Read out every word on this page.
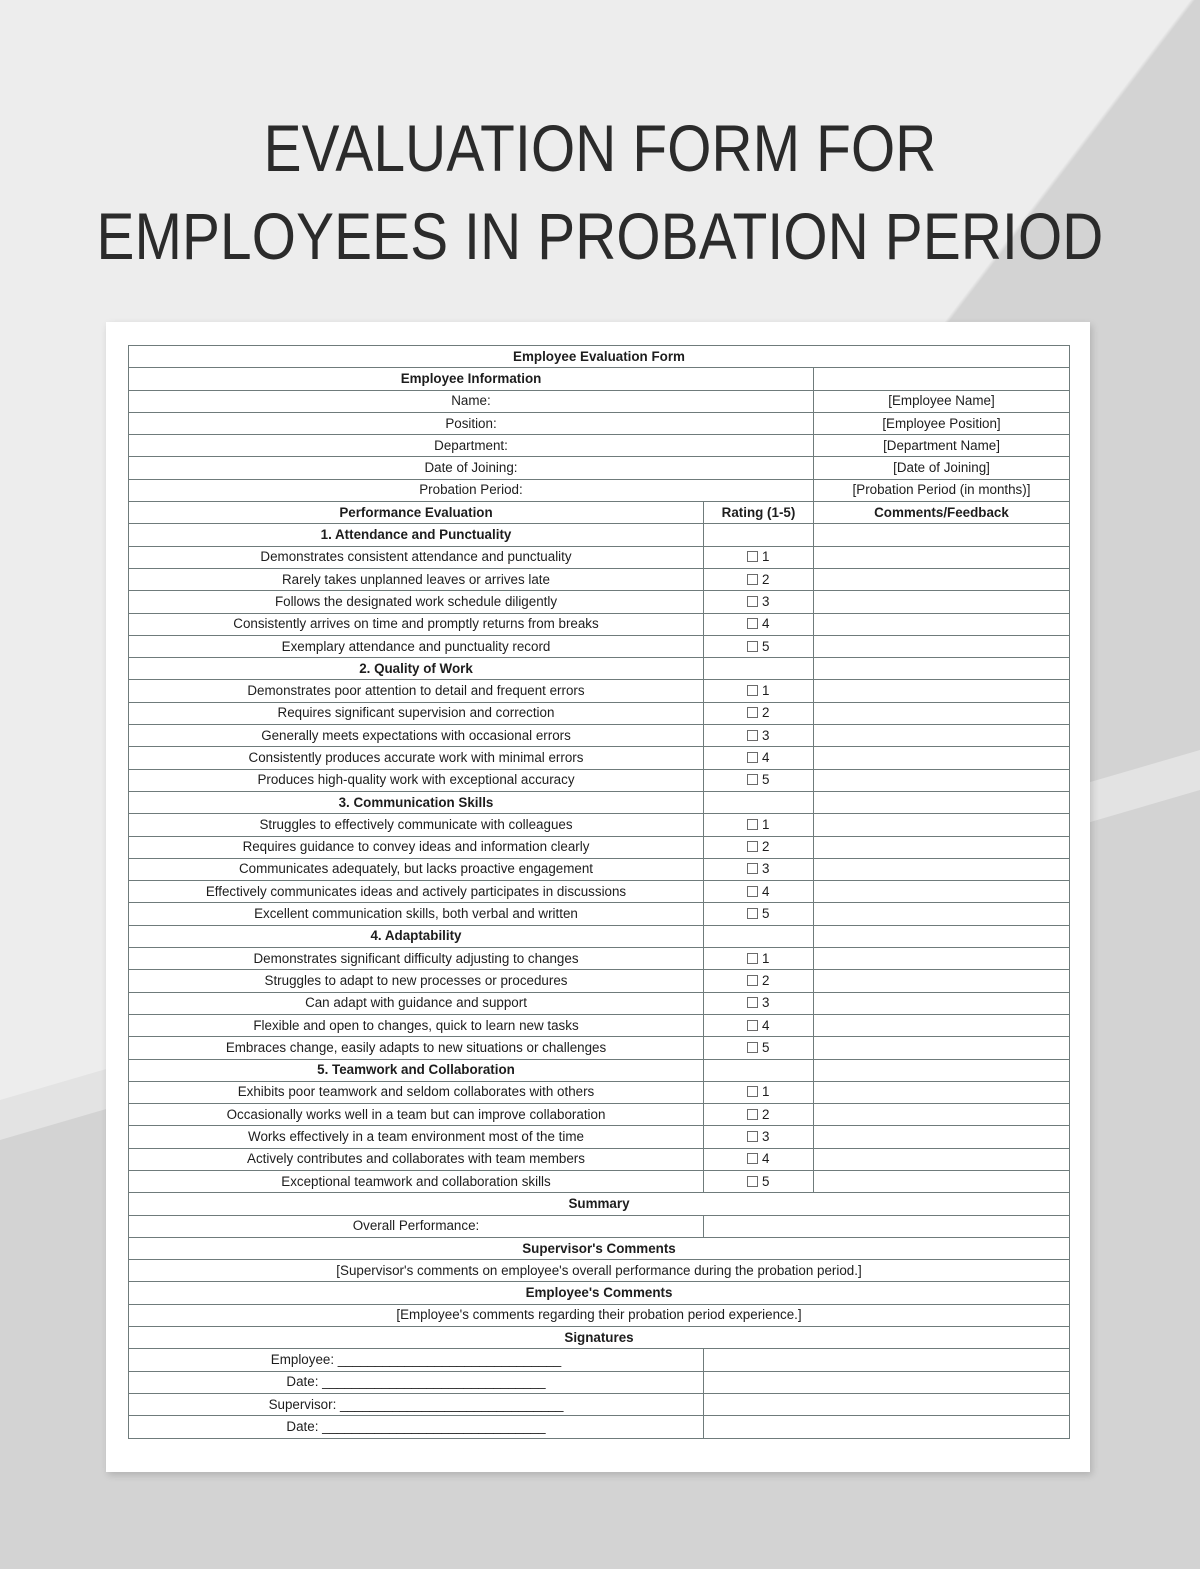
EVALUATION FORM FOR
EMPLOYEES IN PROBATION PERIOD
Employee Evaluation Form		
Employee Information		
Name:		[Employee Name]
Position:		[Employee Position]
Department:		[Department Name]
Date of Joining:		[Date of Joining]
Probation Period:		[Probation Period (in months)]
Performance Evaluation	Rating (1-5)	Comments/Feedback
1. Attendance and Punctuality		
Demonstrates consistent attendance and punctuality	1	
Rarely takes unplanned leaves or arrives late	2	
Follows the designated work schedule diligently	3	
Consistently arrives on time and promptly returns from breaks	4	
Exemplary attendance and punctuality record	5	
2. Quality of Work		
Demonstrates poor attention to detail and frequent errors	1	
Requires significant supervision and correction	2	
Generally meets expectations with occasional errors	3	
Consistently produces accurate work with minimal errors	4	
Produces high-quality work with exceptional accuracy	5	
3. Communication Skills		
Struggles to effectively communicate with colleagues	1	
Requires guidance to convey ideas and information clearly	2	
Communicates adequately, but lacks proactive engagement	3	
Effectively communicates ideas and actively participates in discussions	4	
Excellent communication skills, both verbal and written	5	
4. Adaptability		
Demonstrates significant difficulty adjusting to changes	1	
Struggles to adapt to new processes or procedures	2	
Can adapt with guidance and support	3	
Flexible and open to changes, quick to learn new tasks	4	
Embraces change, easily adapts to new situations or challenges	5	
5. Teamwork and Collaboration		
Exhibits poor teamwork and seldom collaborates with others	1	
Occasionally works well in a team but can improve collaboration	2	
Works effectively in a team environment most of the time	3	
Actively contributes and collaborates with team members	4	
Exceptional teamwork and collaboration skills	5	
Summary		
Overall Performance:		
Supervisor's Comments		
[Supervisor's comments on employee's overall performance during the probation period.]		
Employee's Comments		
[Employee's comments regarding their probation period experience.]		
Signatures		
Employee: ______________________________		
Date: ______________________________		
Supervisor: ______________________________		
Date: ______________________________		
